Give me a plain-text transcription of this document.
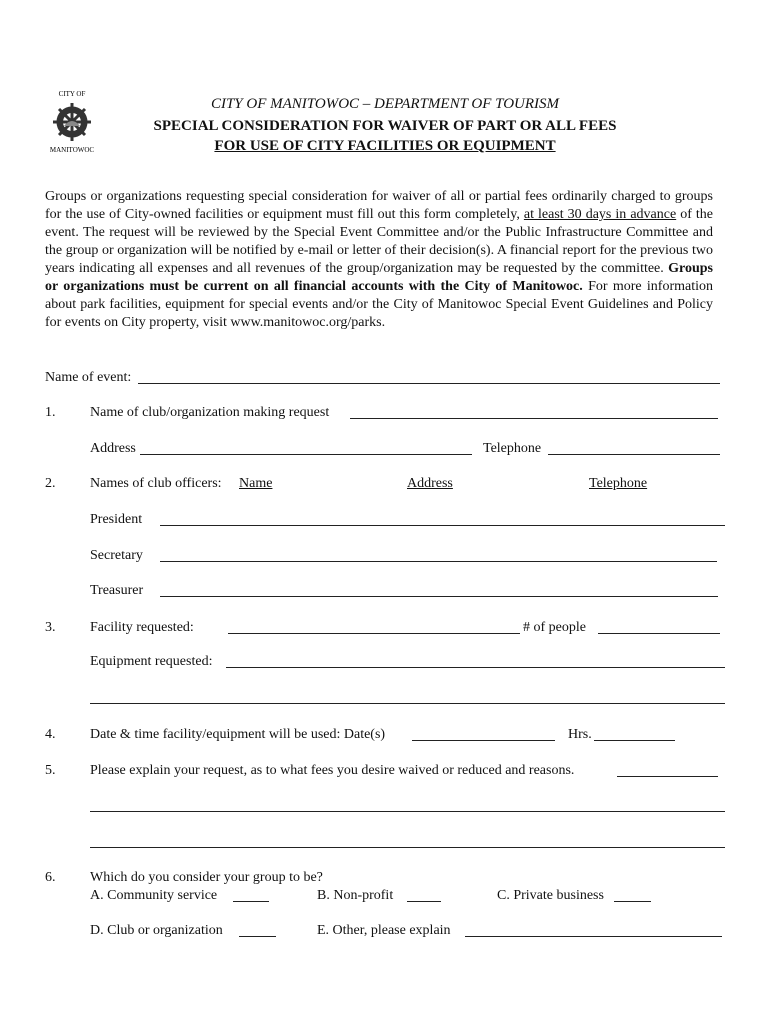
CITY OF
MANITOWOC
CITY OF MANITOWOC – DEPARTMENT OF TOURISM
SPECIAL CONSIDERATION FOR WAIVER OF PART OR ALL FEES
FOR USE OF CITY FACILITIES OR EQUIPMENT
Groups or organizations requesting special consideration for waiver of all or partial fees ordinarily charged to groups for the use of City-owned facilities or equipment must fill out this form completely, at least 30 days in advance of the event. The request will be reviewed by the Special Event Committee and/or the Public Infrastructure Committee and the group or organization will be notified by e-mail or letter of their decision(s). A financial report for the previous two years indicating all expenses and all revenues of the group/organization may be requested by the committee. Groups or organizations must be current on all financial accounts with the City of Manitowoc. For more information about park facilities, equipment for special events and/or the City of Manitowoc Special Event Guidelines and Policy for events on City property, visit www.manitowoc.org/parks.
Name of event:
1. Name of club/organization making request
Address	Telephone
2. Names of club officers: Name	Address	Telephone
President
Secretary
Treasurer
3. Facility requested:	# of people
Equipment requested:
4. Date & time facility/equipment will be used: Date(s)	Hrs.
5. Please explain your request, as to what fees you desire waived or reduced and reasons.
6. Which do you consider your group to be?
A. Community service	B. Non-profit	C. Private business
D. Club or organization	E. Other, please explain
